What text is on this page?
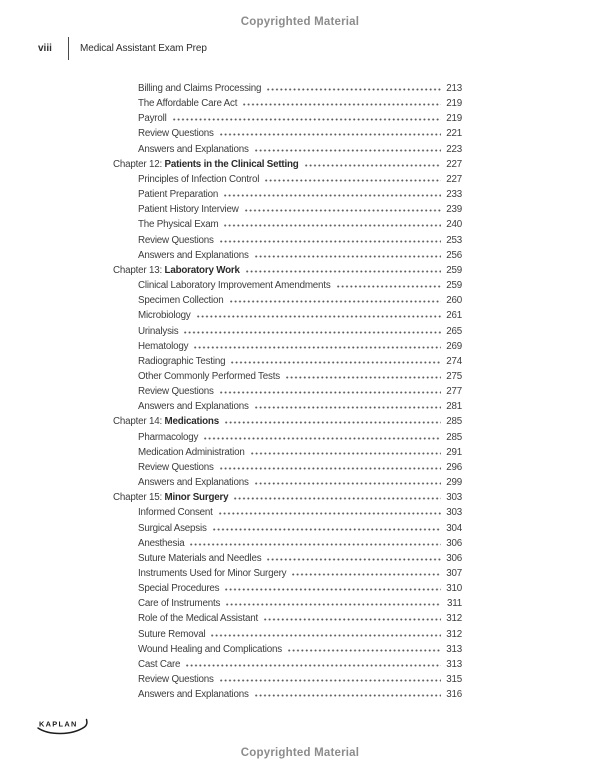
Copyrighted Material
viii	Medical Assistant Exam Prep
Billing and Claims Processing	213
The Affordable Care Act	219
Payroll	219
Review Questions	221
Answers and Explanations	223
Chapter 12: Patients in the Clinical Setting	227
Principles of Infection Control	227
Patient Preparation	233
Patient History Interview	239
The Physical Exam	240
Review Questions	253
Answers and Explanations	256
Chapter 13: Laboratory Work	259
Clinical Laboratory Improvement Amendments	259
Specimen Collection	260
Microbiology	261
Urinalysis	265
Hematology	269
Radiographic Testing	274
Other Commonly Performed Tests	275
Review Questions	277
Answers and Explanations	281
Chapter 14: Medications	285
Pharmacology	285
Medication Administration	291
Review Questions	296
Answers and Explanations	299
Chapter 15: Minor Surgery	303
Informed Consent	303
Surgical Asepsis	304
Anesthesia	306
Suture Materials and Needles	306
Instruments Used for Minor Surgery	307
Special Procedures	310
Care of Instruments	311
Role of the Medical Assistant	312
Suture Removal	312
Wound Healing and Complications	313
Cast Care	313
Review Questions	315
Answers and Explanations	316
KAPLAN
Copyrighted Material
